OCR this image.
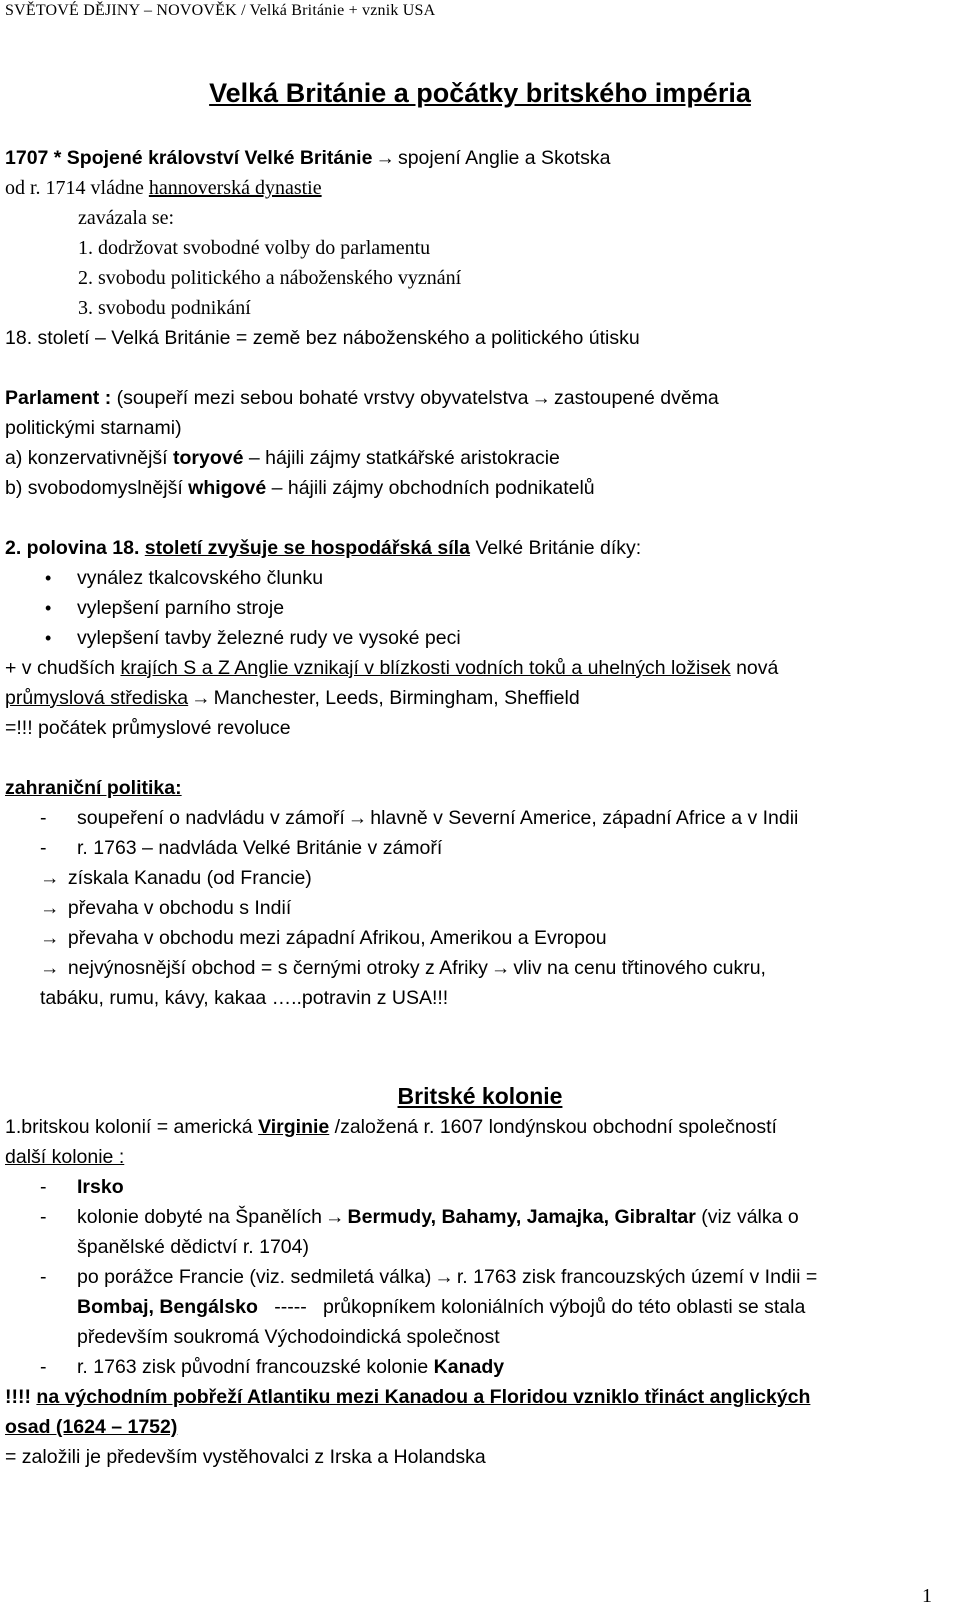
SVĚTOVÉ DĚJINY – NOVOVĚK / Velká Británie + vznik USA
Velká Británie a počátky britského impéria
1707 * Spojené království Velké Británie → spojení Anglie a Skotska
od r. 1714 vládne hannoverská dynastie
zavázala se:
1. dodržovat svobodné volby do parlamentu
2. svobodu politického a náboženského vyznání
3. svobodu podnikání
18. století – Velká Británie = země bez náboženského a politického útisku
Parlament : (soupeří mezi sebou bohaté vrstvy obyvatelstva → zastoupené dvěma
politickými starnami)
a) konzervativnější toryové – hájili zájmy statkářské aristokracie
b) svobodomyslnější whigové – hájili zájmy obchodních podnikatelů
2. polovina 18. století zvyšuje se hospodářská síla Velké Británie díky:
• vynález tkalcovského člunku
• vylepšení parního stroje
• vylepšení tavby železné rudy ve vysoké peci
+ v chudších krajích S a Z Anglie vznikají v blízkosti vodních toků a uhelných ložisek nová
průmyslová střediska → Manchester, Leeds, Birmingham, Sheffield
=!!! počátek průmyslové revoluce
zahraniční politika:
- soupeření o nadvládu v zámoří → hlavně v Severní Americe, západní Africe a v Indii
- r. 1763 – nadvláda Velké Británie v zámoří
→ získala Kanadu (od Francie)
→ převaha v obchodu s Indií
→ převaha v obchodu mezi západní Afrikou, Amerikou a Evropou
→ nejvýnosnější obchod = s černými otroky z Afriky → vliv na cenu třtinového cukru,
tabáku, rumu, kávy, kakaa …..potravin z USA!!!
Britské kolonie
1.britskou kolonií = americká Virginie /založená r. 1607 londýnskou obchodní společností
další kolonie :
- Irsko
- kolonie dobyté na Španělích → Bermudy, Bahamy, Jamajka, Gibraltar (viz válka o
španělské dědictví r. 1704)
- po porážce Francie (viz. sedmiletá válka) → r. 1763 zisk francouzských území v Indii =
Bombaj, Bengálsko   -----   průkopníkem koloniálních výbojů do této oblasti se stala
především soukromá Východoindická společnost
- r. 1763 zisk původní francouzské kolonie Kanady
!!!! na východním pobřeží Atlantiku mezi Kanadou a Floridou vzniklo třináct anglických
osad (1624 – 1752)
= založili je především vystěhovalci z Irska a Holandska
1
